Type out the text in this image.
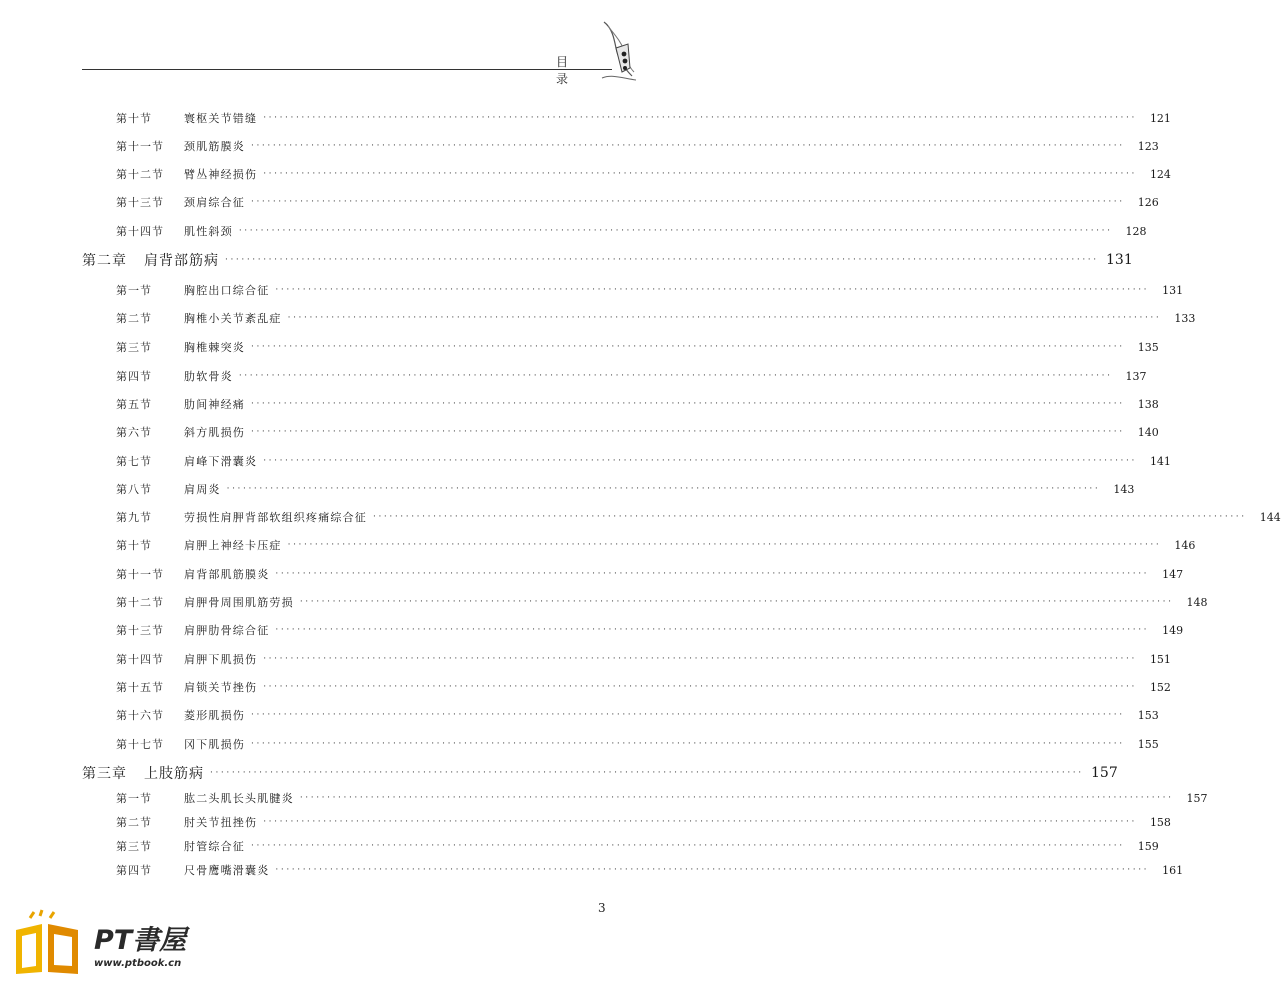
目录
第十节	寰枢关节错缝 ································································································································································	121
第十一节	颈肌筋膜炎 ································································································································································	123
第十二节	臂丛神经损伤 ································································································································································	124
第十三节	颈肩综合征 ································································································································································	126
第十四节	肌性斜颈 ································································································································································	128
第二章	肩背部筋病 ································································································································································ 131
第一节	胸腔出口综合征 ································································································································································	131
第二节	胸椎小关节紊乱症 ································································································································································	133
第三节	胸椎棘突炎 ································································································································································	135
第四节	肋软骨炎 ································································································································································	137
第五节	肋间神经痛 ································································································································································	138
第六节	斜方肌损伤 ································································································································································	140
第七节	肩峰下滑囊炎 ································································································································································	141
第八节	肩周炎 ································································································································································	143
第九节	劳损性肩胛背部软组织疼痛综合征 ································································································································································	144
第十节	肩胛上神经卡压症 ································································································································································	146
第十一节	肩背部肌筋膜炎 ································································································································································	147
第十二节	肩胛骨周围肌筋劳损 ································································································································································	148
第十三节	肩胛肋骨综合征 ································································································································································	149
第十四节	肩胛下肌损伤 ································································································································································	151
第十五节	肩锁关节挫伤 ································································································································································	152
第十六节	菱形肌损伤 ································································································································································	153
第十七节	冈下肌损伤 ································································································································································	155
第三章	上肢筋病 ································································································································································ 157
第一节	肱二头肌长头肌腱炎 ································································································································································	157
第二节	肘关节扭挫伤 ································································································································································	158
第三节	肘管综合征 ································································································································································	159
第四节	尺骨鹰嘴滑囊炎 ································································································································································	161
3
PT書屋
www.ptbook.cn
